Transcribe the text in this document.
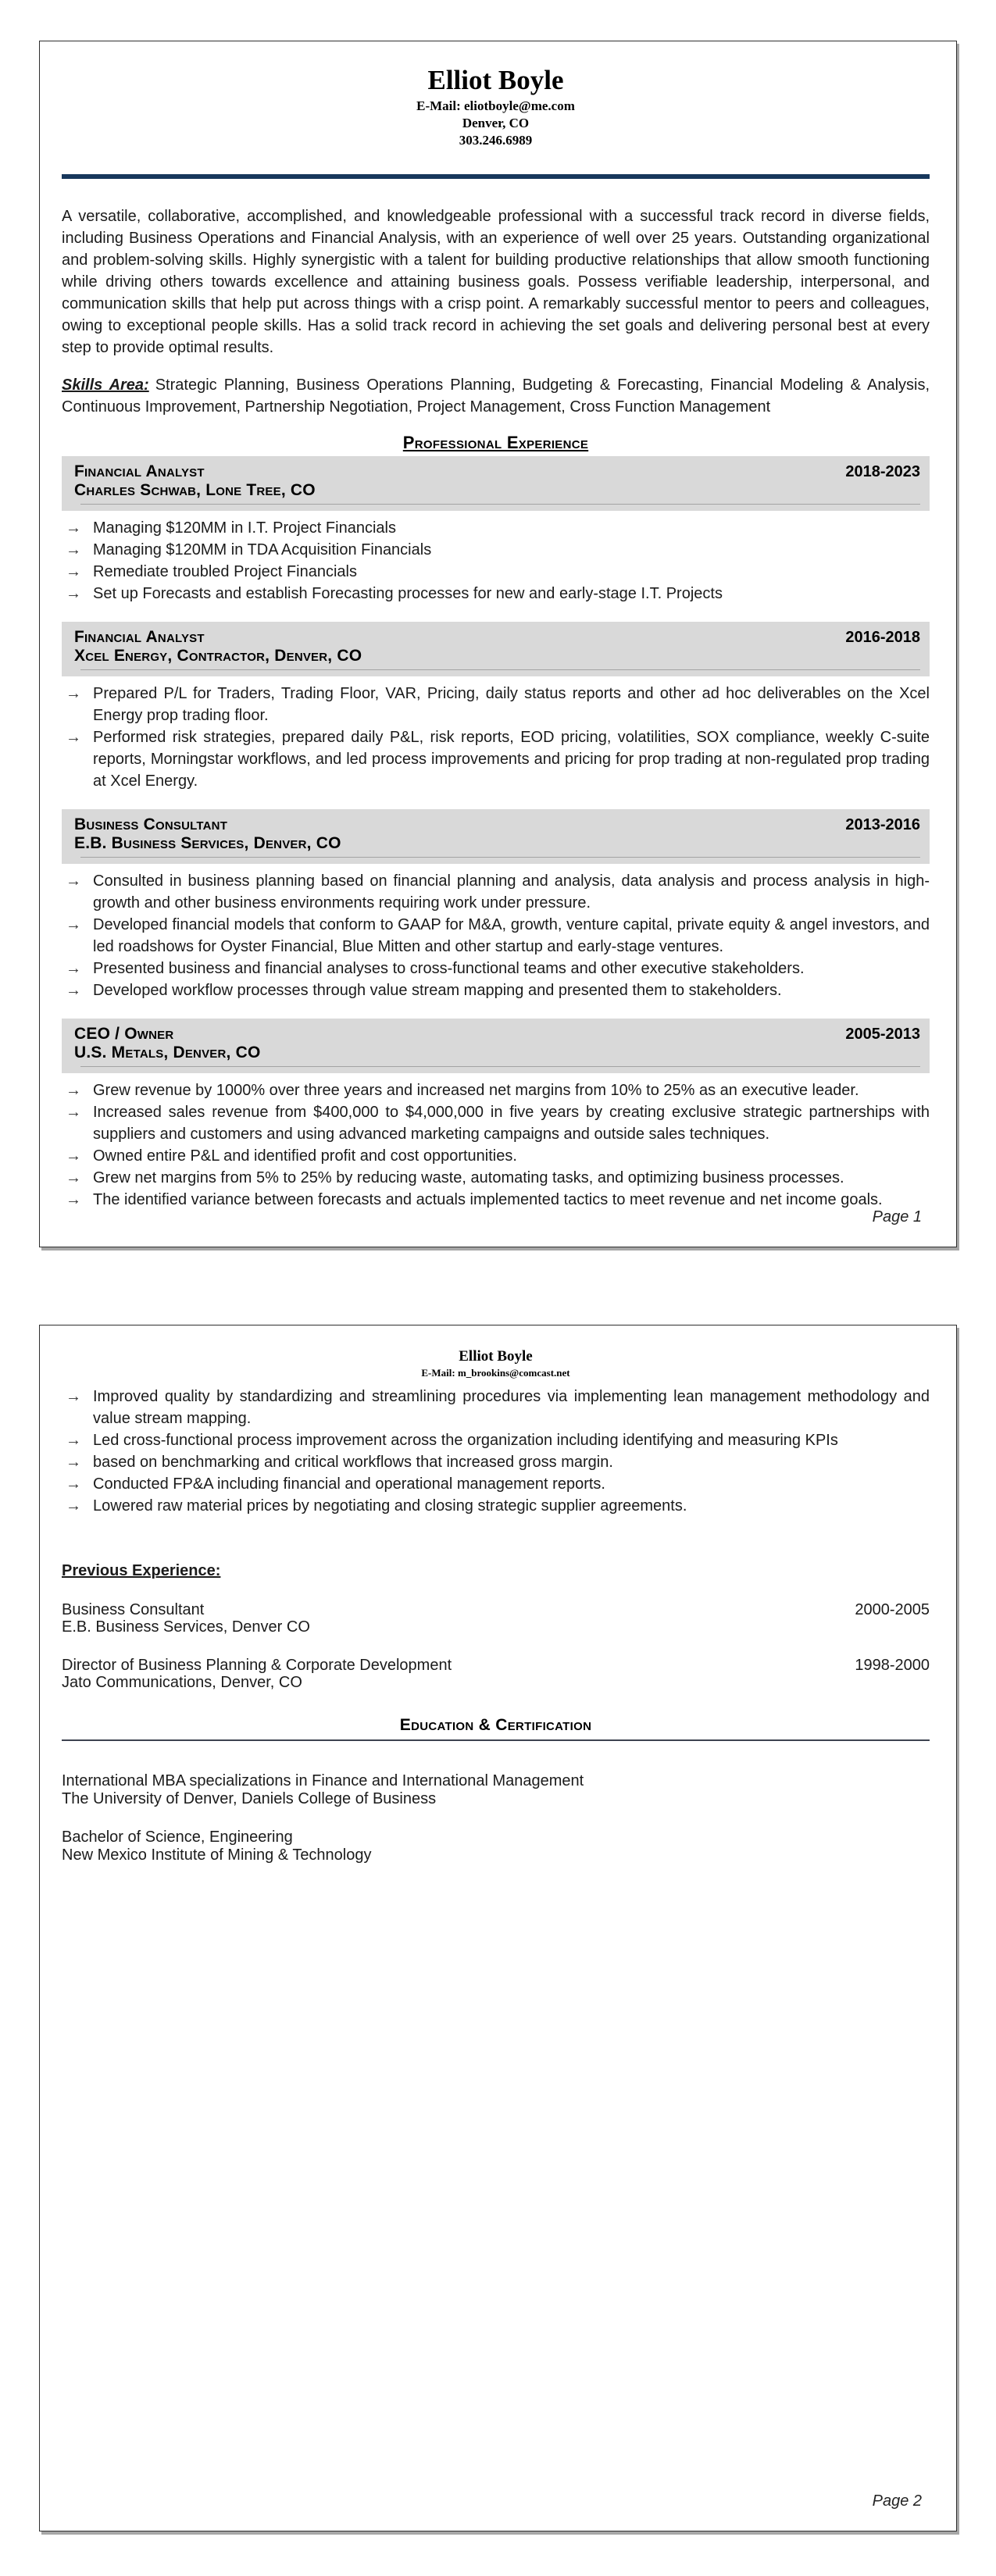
Elliot Boyle
E-Mail: eliotboyle@me.com
Denver, CO
303.246.6989

A versatile, collaborative, accomplished, and knowledgeable professional with a successful track record in diverse fields, including Business Operations and Financial Analysis, with an experience of well over 25 years. Outstanding organizational and problem-solving skills. Highly synergistic with a talent for building productive relationships that allow smooth functioning while driving others towards excellence and attaining business goals. Possess verifiable leadership, interpersonal, and communication skills that help put across things with a crisp point. A remarkably successful mentor to peers and colleagues, owing to exceptional people skills. Has a solid track record in achieving the set goals and delivering personal best at every step to provide optimal results.

Skills Area: Strategic Planning, Business Operations Planning, Budgeting & Forecasting, Financial Modeling & Analysis, Continuous Improvement, Partnership Negotiation, Project Management, Cross Function Management

Professional Experience
Financial Analyst	2018-2023
Charles Schwab, Lone Tree, CO
→ Managing $120MM in I.T. Project Financials
→ Managing $120MM in TDA Acquisition Financials
→ Remediate troubled Project Financials
→ Set up Forecasts and establish Forecasting processes for new and early-stage I.T. Projects
Financial Analyst	2016-2018
Xcel Energy, Contractor, Denver, CO
→ Prepared P/L for Traders, Trading Floor, VAR, Pricing, daily status reports and other ad hoc deliverables on the Xcel Energy prop trading floor.
→ Performed risk strategies, prepared daily P&L, risk reports, EOD pricing, volatilities, SOX compliance, weekly C-suite reports, Morningstar workflows, and led process improvements and pricing for prop trading at non-regulated prop trading at Xcel Energy.
Business Consultant	2013-2016
E.B. Business Services, Denver, CO
→ Consulted in business planning based on financial planning and analysis, data analysis and process analysis in high-growth and other business environments requiring work under pressure.
→ Developed financial models that conform to GAAP for M&A, growth, venture capital, private equity & angel investors, and led roadshows for Oyster Financial, Blue Mitten and other startup and early-stage ventures.
→ Presented business and financial analyses to cross-functional teams and other executive stakeholders.
→ Developed workflow processes through value stream mapping and presented them to stakeholders.
CEO / Owner	2005-2013
U.S. Metals, Denver, CO
→ Grew revenue by 1000% over three years and increased net margins from 10% to 25% as an executive leader.
→ Increased sales revenue from $400,000 to $4,000,000 in five years by creating exclusive strategic partnerships with suppliers and customers and using advanced marketing campaigns and outside sales techniques.
→ Owned entire P&L and identified profit and cost opportunities.
→ Grew net margins from 5% to 25% by reducing waste, automating tasks, and optimizing business processes.
→ The identified variance between forecasts and actuals implemented tactics to meet revenue and net income goals.
Page 1
Elliot Boyle
E-Mail: m_brookins@comcast.net
→ Improved quality by standardizing and streamlining procedures via implementing lean management methodology and value stream mapping.
→ Led cross-functional process improvement across the organization including identifying and measuring KPIs
→ based on benchmarking and critical workflows that increased gross margin.
→ Conducted FP&A including financial and operational management reports.
→ Lowered raw material prices by negotiating and closing strategic supplier agreements.
Previous Experience:
Business Consultant	2000-2005
E.B. Business Services, Denver CO
Director of Business Planning & Corporate Development	1998-2000
Jato Communications, Denver, CO
Education & Certification
International MBA specializations in Finance and International Management
The University of Denver, Daniels College of Business
Bachelor of Science, Engineering
New Mexico Institute of Mining & Technology
Page 2
